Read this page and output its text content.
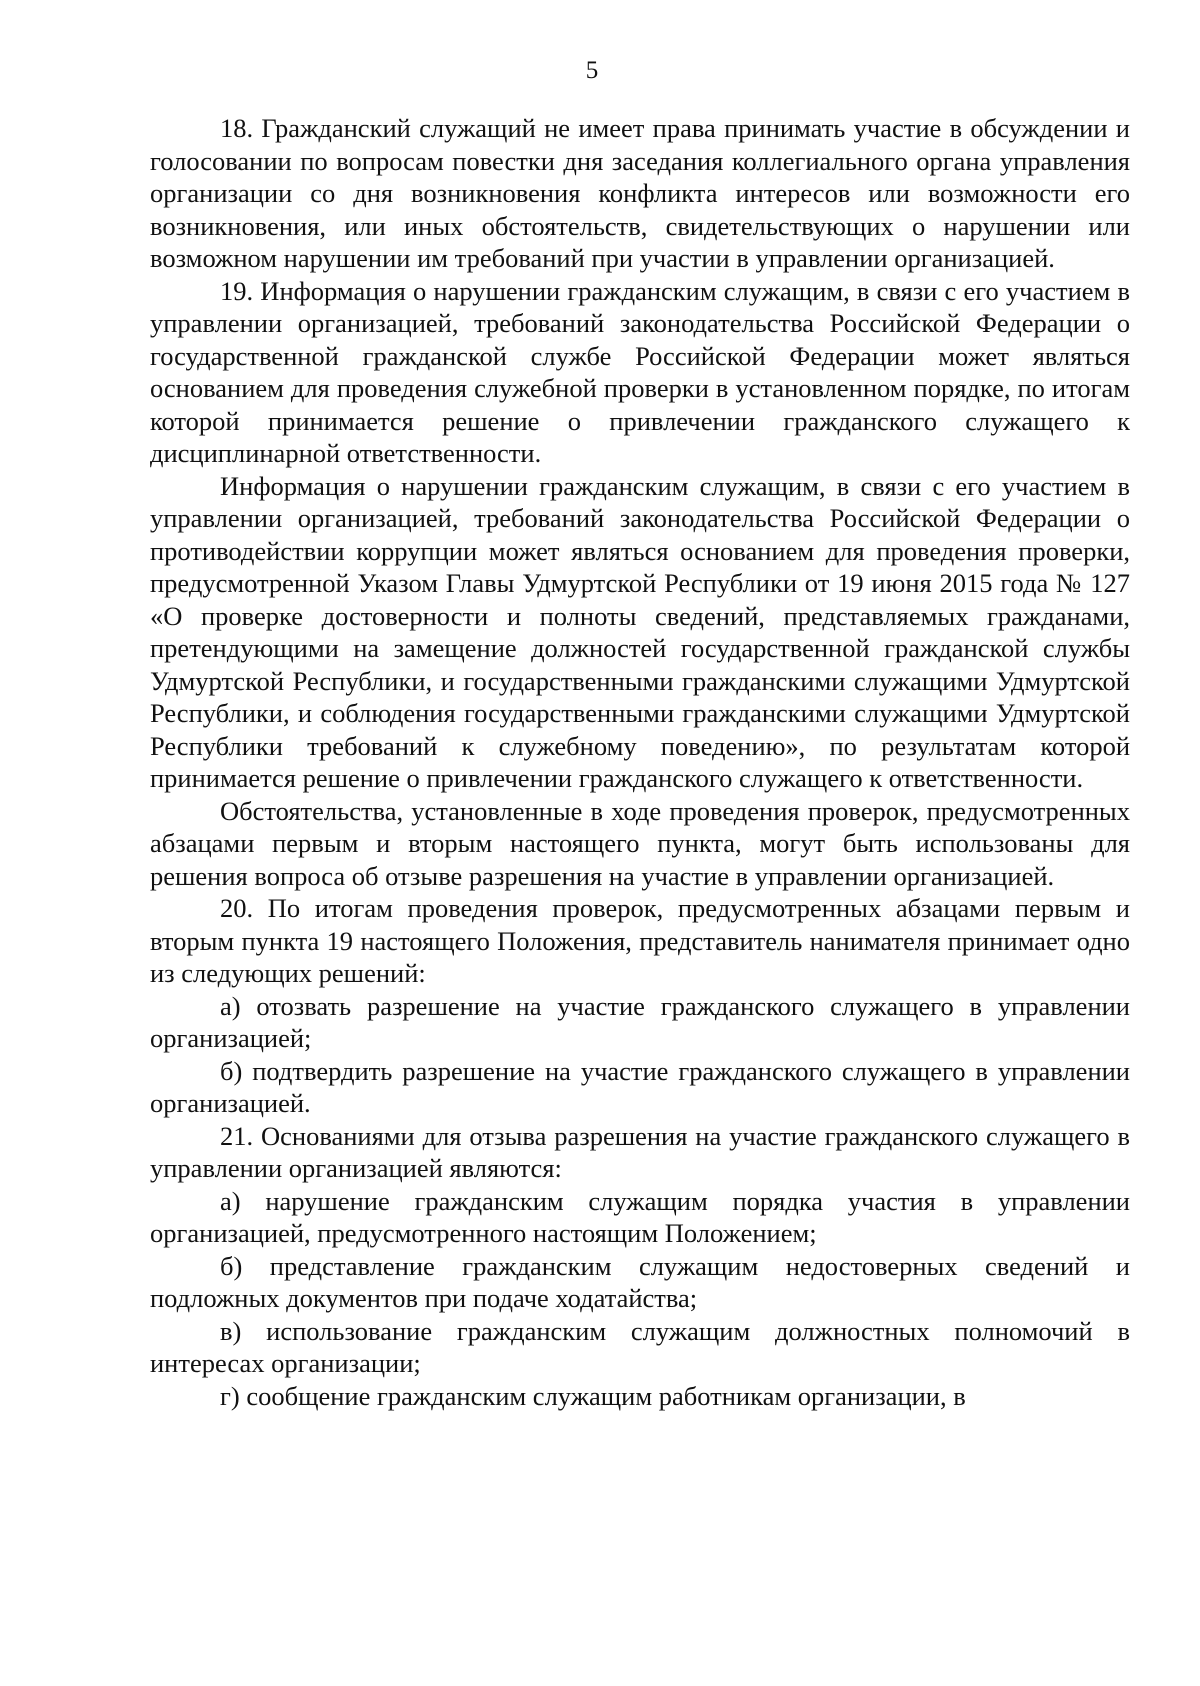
5

18. Гражданский служащий не имеет права принимать участие в обсуждении и голосовании по вопросам повестки дня заседания коллегиального органа управления организации со дня возникновения конфликта интересов или возможности его возникновения, или иных обстоятельств, свидетельствующих о нарушении или возможном нарушении им требований при участии в управлении организацией.

19. Информация о нарушении гражданским служащим, в связи с его участием в управлении организацией, требований законодательства Российской Федерации о государственной гражданской службе Российской Федерации может являться основанием для проведения служебной проверки в установленном порядке, по итогам которой принимается решение о привлечении гражданского служащего к дисциплинарной ответственности.

Информация о нарушении гражданским служащим, в связи с его участием в управлении организацией, требований законодательства Российской Федерации о противодействии коррупции может являться основанием для проведения проверки, предусмотренной Указом Главы Удмуртской Республики от 19 июня 2015 года № 127 «О проверке достоверности и полноты сведений, представляемых гражданами, претендующими на замещение должностей государственной гражданской службы Удмуртской Республики, и государственными гражданскими служащими Удмуртской Республики, и соблюдения государственными гражданскими служащими Удмуртской Республики требований к служебному поведению», по результатам которой принимается решение о привлечении гражданского служащего к ответственности.

Обстоятельства, установленные в ходе проведения проверок, предусмотренных абзацами первым и вторым настоящего пункта, могут быть использованы для решения вопроса об отзыве разрешения на участие в управлении организацией.

20. По итогам проведения проверок, предусмотренных абзацами первым и вторым пункта 19 настоящего Положения, представитель нанимателя принимает одно из следующих решений:

а) отозвать разрешение на участие гражданского служащего в управлении организацией;

б) подтвердить разрешение на участие гражданского служащего в управлении организацией.

21. Основаниями для отзыва разрешения на участие гражданского служащего в управлении организацией являются:

а) нарушение гражданским служащим порядка участия в управлении организацией, предусмотренного настоящим Положением;

б) представление гражданским служащим недостоверных сведений и подложных документов при подаче ходатайства;

в) использование гражданским служащим должностных полномочий в интересах организации;

г) сообщение гражданским служащим работникам организации, в
